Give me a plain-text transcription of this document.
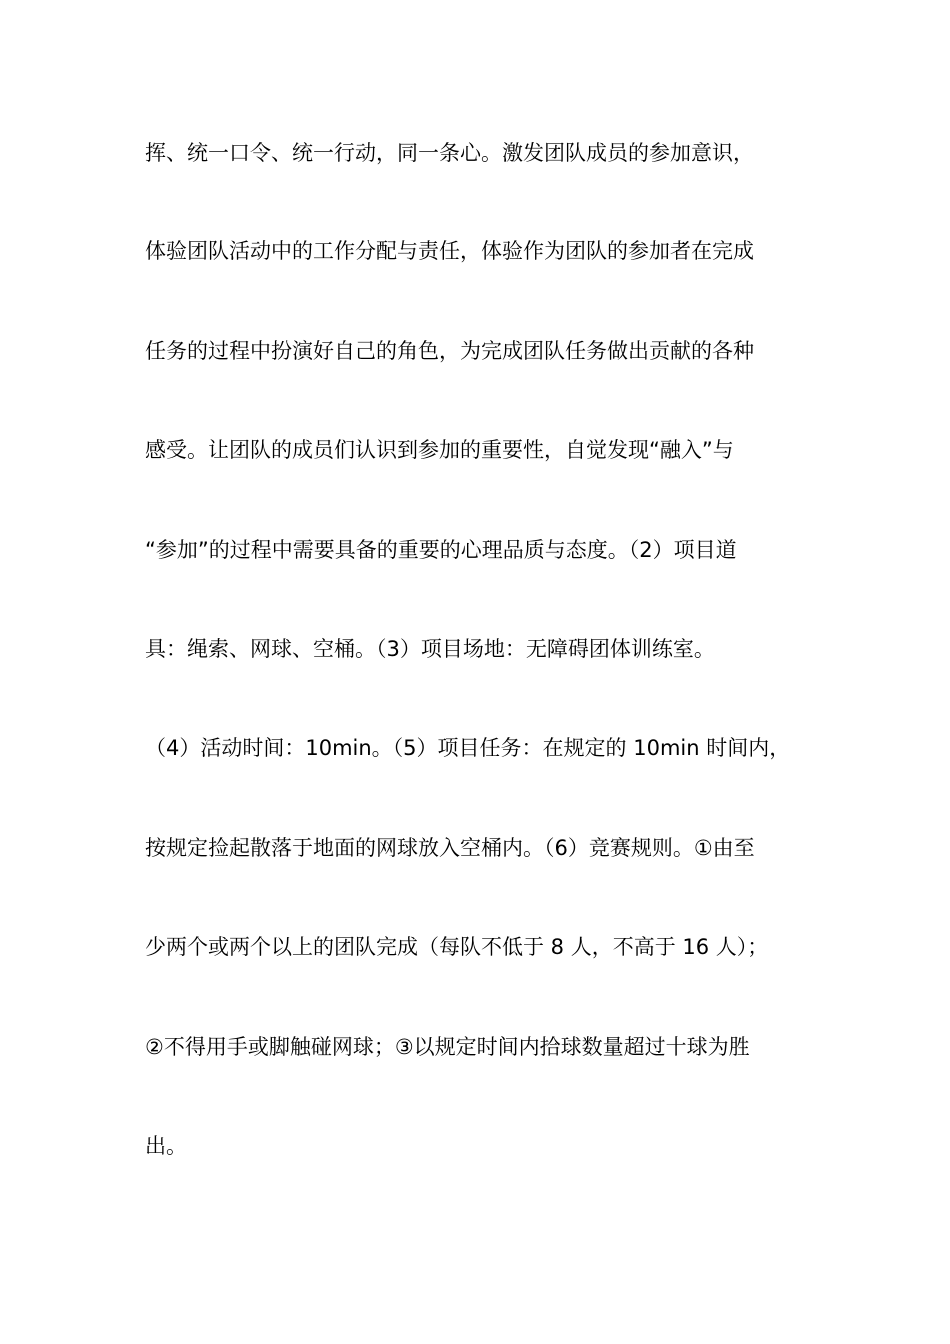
挥、统一口令、统一行动，同一条心。激发团队成员的参加意识，
体验团队活动中的工作分配与责任，体验作为团队的参加者在完成
任务的过程中扮演好自己的角色，为完成团队任务做出贡献的各种
感受。让团队的成员们认识到参加的重要性，自觉发现“融入”与
“参加”的过程中需要具备的重要的心理品质与态度。（2）项目道
具：绳索、网球、空桶。（3）项目场地：无障碍团体训练室。
（4）活动时间：10min。（5）项目任务：在规定的 10min 时间内，
按规定捡起散落于地面的网球放入空桶内。（6）竞赛规则。①由至
少两个或两个以上的团队完成（每队不低于 8 人，不高于 16 人）；
②不得用手或脚触碰网球；③以规定时间内拾球数量超过十球为胜
出。
